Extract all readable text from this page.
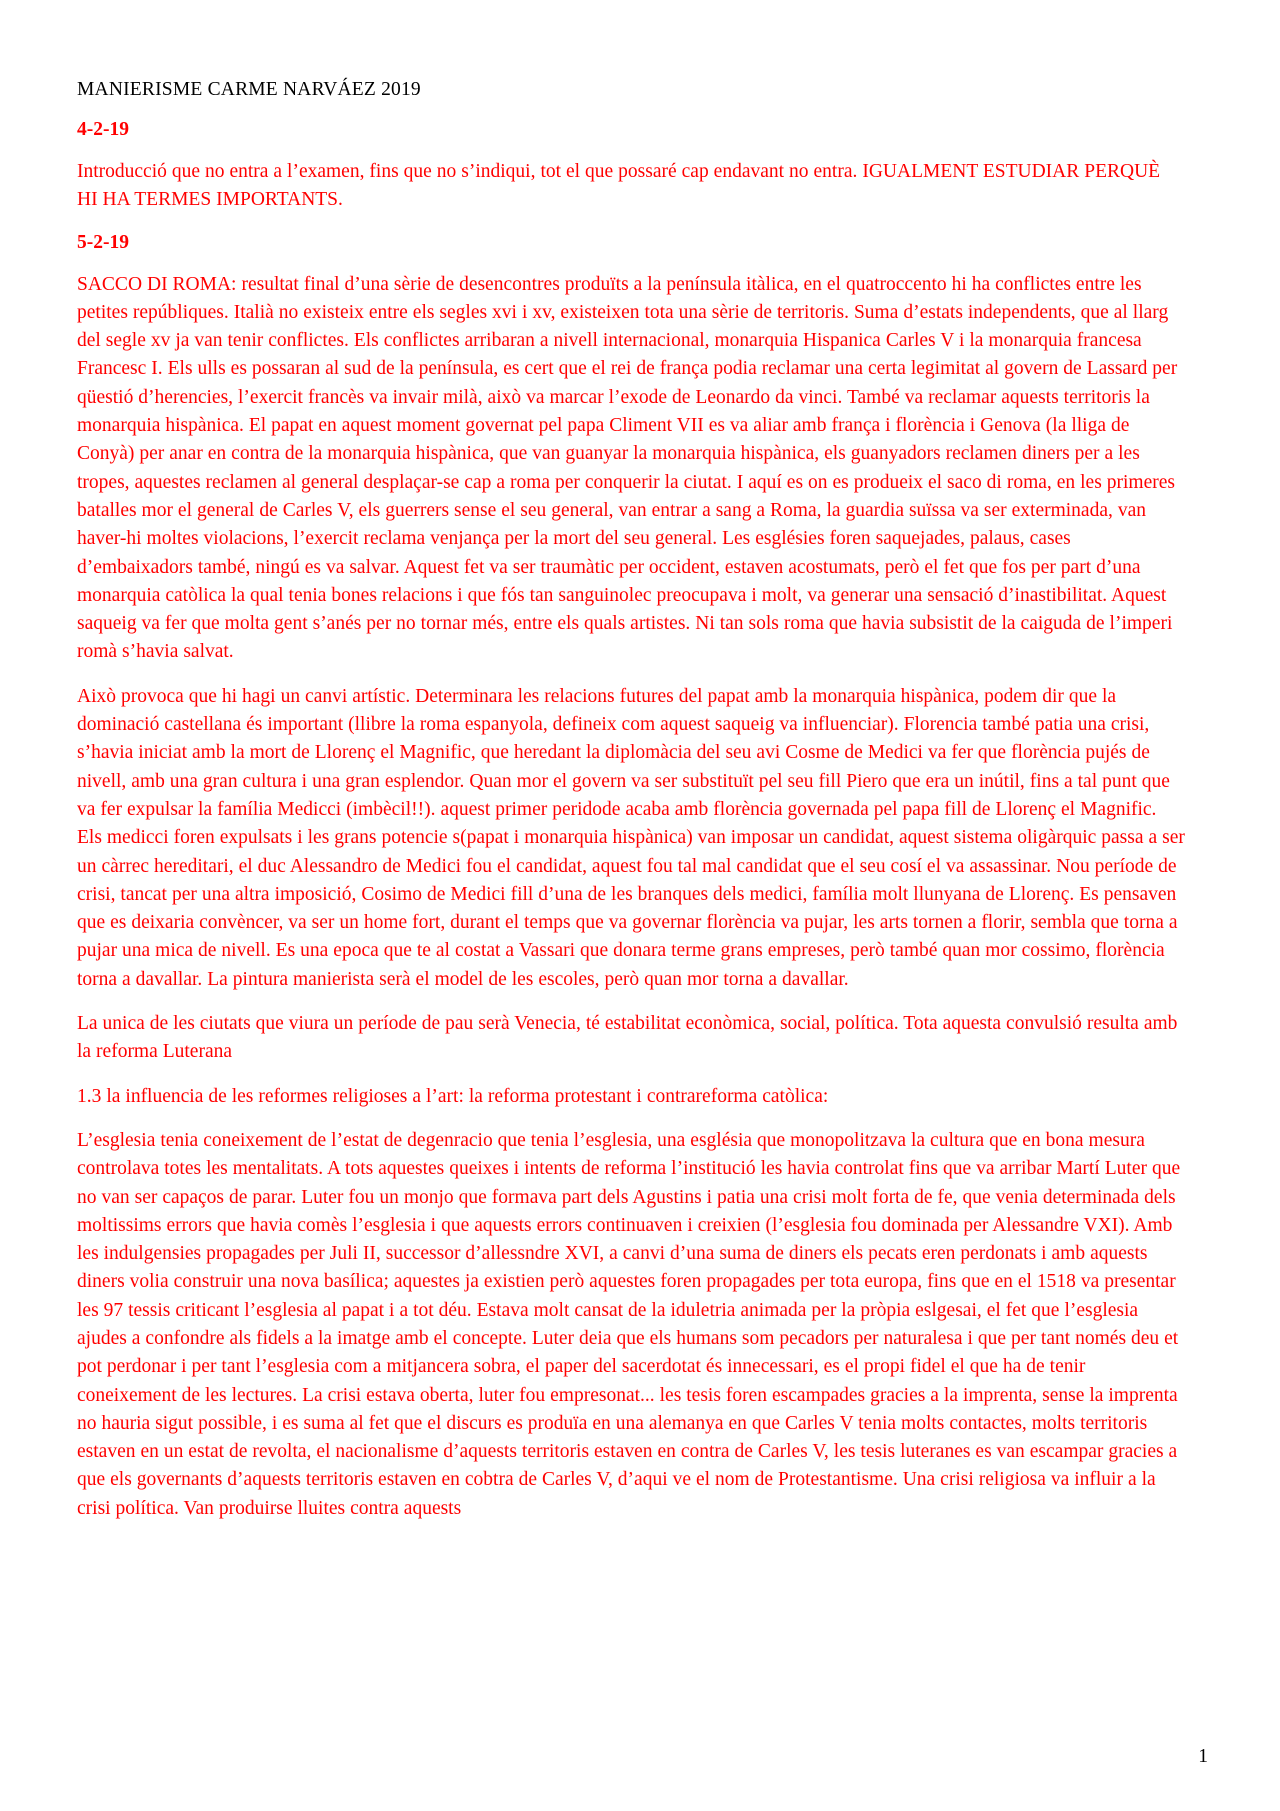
MANIERISME CARME NARVÁEZ 2019
4-2-19
Introducció que no entra a l’examen, fins que no s’indiqui, tot el que possaré cap endavant no entra. IGUALMENT ESTUDIAR PERQUÈ HI HA TERMES IMPORTANTS.
5-2-19
SACCO DI ROMA: resultat final d’una sèrie de desencontres produïts a la península itàlica, en el quatroccento hi ha conflictes entre les petites repúbliques. Italià no existeix entre els segles xvi i xv, existeixen tota una sèrie de territoris. Suma d’estats independents, que al llarg del segle xv ja van tenir conflictes. Els conflictes arribaran a nivell internacional, monarquia Hispanica Carles V i la monarquia francesa Francesc I. Els ulls es possaran al sud de la península, es cert que el rei de frança podia reclamar una certa legimitat al govern de Lassard per qüestió d’herencies, l’exercit francès va invair milà, això va marcar l’exode de Leonardo da vinci. També va reclamar aquests territoris la monarquia hispànica. El papat en aquest moment governat pel papa Climent VII es va aliar amb frança i florència i Genova (la lliga de Conyà) per anar en contra de la monarquia hispànica, que van guanyar la monarquia hispànica, els guanyadors reclamen diners per a les tropes, aquestes reclamen al general desplaçar-se cap a roma per conquerir la ciutat. I aquí es on es produeix el saco di roma, en les primeres batalles mor el general de Carles V, els guerrers sense el seu general, van entrar a sang a Roma, la guardia suïssa va ser exterminada, van haver-hi moltes violacions, l’exercit reclama venjança per la mort del seu general. Les esglésies foren saquejades, palaus, cases d’embaixadors també, ningú es va salvar. Aquest fet va ser traumàtic per occident, estaven acostumats, però el fet que fos per part d’una monarquia catòlica la qual tenia bones relacions i que fós tan sanguinolec preocupava i molt, va generar una sensació d’inastibilitat. Aquest saqueig va fer que molta gent s’anés per no tornar més, entre els quals artistes. Ni tan sols roma que havia subsistit de la caiguda de l’imperi romà s’havia salvat.
Això provoca que hi hagi un canvi artístic. Determinara les relacions futures del papat amb la monarquia hispànica, podem dir que la dominació castellana és important (llibre la roma espanyola, defineix com aquest saqueig va influenciar). Florencia també patia una crisi, s’havia iniciat amb la mort de Llorenç el Magnific, que heredant la diplomàcia del seu avi Cosme de Medici va fer que florència pujés de nivell, amb una gran cultura i una gran esplendor. Quan mor el govern va ser substituït pel seu fill Piero que era un inútil, fins a tal punt que va fer expulsar la família Medicci (imbècil!!). aquest primer peridode acaba amb florència governada pel papa fill de Llorenç el Magnific. Els medicci foren expulsats i les grans potencie s(papat i monarquia hispànica) van imposar un candidat, aquest sistema oligàrquic passa a ser un càrrec hereditari, el duc Alessandro de Medici fou el candidat, aquest fou tal mal candidat que el seu cosí el va assassinar. Nou període de crisi, tancat per una altra imposició, Cosimo de Medici fill d’una de les branques dels medici, família molt llunyana de Llorenç. Es pensaven que es deixaria convèncer, va ser un home fort, durant el temps que va governar florència va pujar, les arts tornen a florir, sembla que torna a pujar una mica de nivell. Es una epoca que te al costat a Vassari que donara terme grans empreses, però també quan mor cossimo, florència torna a davallar. La pintura manierista serà el model de les escoles, però quan mor torna a davallar.
La unica de les ciutats que viura un període de pau serà Venecia, té estabilitat econòmica, social, política. Tota aquesta convulsió resulta amb la reforma Luterana
1.3 la influencia de les reformes religioses a l’art: la reforma protestant i contrareforma catòlica:
L’esglesia tenia coneixement de l’estat de degenracio que tenia l’esglesia, una església que monopolitzava la cultura que en bona mesura controlava totes les mentalitats. A tots aquestes queixes i intents de reforma l’institució les havia controlat fins que va arribar Martí Luter que no van ser capaços de parar. Luter fou un monjo que formava part dels Agustins i patia una crisi molt forta de fe, que venia determinada dels moltissims errors que havia comès l’esglesia i que aquests errors continuaven i creixien (l’esglesia fou dominada per Alessandre VXI). Amb les indulgensies propagades per Juli II, successor d’allessndre XVI, a canvi d’una suma de diners els pecats eren perdonats i amb aquests diners volia construir una nova basílica; aquestes ja existien però aquestes foren propagades per tota europa, fins que en el 1518 va presentar les 97 tessis criticant l’esglesia al papat i a tot déu. Estava molt cansat de la iduletria animada per la pròpia eslgesai, el fet que l’esglesia ajudes a confondre als fidels a la imatge amb el concepte. Luter deia que els humans som pecadors per naturalesa i que per tant només deu et pot perdonar i per tant l’esglesia com a mitjancera sobra, el paper del sacerdotat és innecessari, es el propi fidel el que ha de tenir coneixement de les lectures. La crisi estava oberta, luter fou empresonat... les tesis foren escampades gracies a la imprenta, sense la imprenta no hauria sigut possible, i es suma al fet que el discurs es produïa en una alemanya en que Carles V tenia molts contactes, molts territoris estaven en un estat de revolta, el nacionalisme d’aquests territoris estaven en contra de Carles V, les tesis luteranes es van escampar gracies a que els governants d’aquests territoris estaven en cobtra de Carles V, d’aqui ve el nom de Protestantisme. Una crisi religiosa va influir a la crisi política. Van produirse lluites contra aquests
1
